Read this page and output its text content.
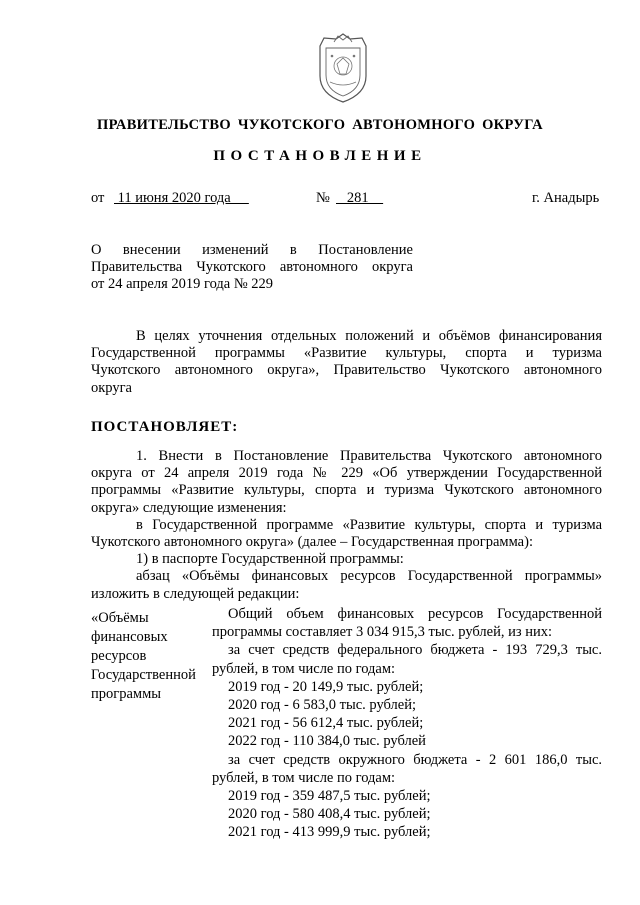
ПРАВИТЕЛЬСТВО ЧУКОТСКОГО АВТОНОМНОГО ОКРУГА
ПОСТАНОВЛЕНИЕ
от 11 июня 2020 года	№ 281	г. Анадырь
О внесении изменений в Постановление
Правительства Чукотского автономного округа
от 24 апреля 2019 года № 229
В целях уточнения отдельных положений и объёмов финансирования
Государственной программы «Развитие культуры, спорта и туризма
Чукотского автономного округа», Правительство Чукотского автономного
округа
ПОСТАНОВЛЯЕТ:
1. Внести в Постановление Правительства Чукотского автономного
округа от 24 апреля 2019 года № 229 «Об утверждении Государственной
программы «Развитие культуры, спорта и туризма Чукотского автономного
округа» следующие изменения:
в Государственной программе «Развитие культуры, спорта и туризма
Чукотского автономного округа» (далее – Государственная программа):
1) в паспорте Государственной программы:
абзац «Объёмы финансовых ресурсов Государственной программы»
изложить в следующей редакции:
«Объёмы
финансовых
ресурсов
Государственной
программы
Общий объем финансовых ресурсов Государственной
программы составляет 3 034 915,3 тыс. рублей, из них:
за счет средств федерального бюджета - 193 729,3 тыс.
рублей, в том числе по годам:
2019 год - 20 149,9 тыс. рублей;
2020 год - 6 583,0 тыс. рублей;
2021 год - 56 612,4 тыс. рублей;
2022 год - 110 384,0 тыс. рублей
за счет средств окружного бюджета - 2 601 186,0 тыс.
рублей, в том числе по годам:
2019 год - 359 487,5 тыс. рублей;
2020 год - 580 408,4 тыс. рублей;
2021 год - 413 999,9 тыс. рублей;
